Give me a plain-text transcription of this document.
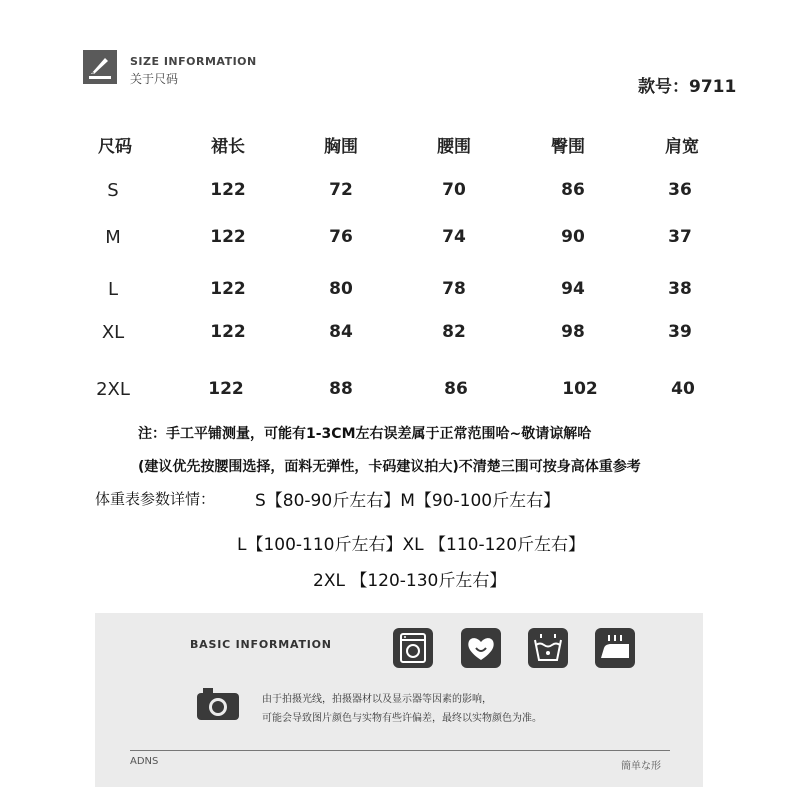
SIZE INFORMATION
关于尺码	款号：9711
尺码	裙长	胸围	腰围	臀围	肩宽
S	122	72	70	86	36
M	122	76	74	90	37
L	122	80	78	94	38
XL	122	84	82	98	39
2XL	122	88	86	102	40
注：手工平铺测量，可能有1-3CM左右误差属于正常范围哈~敬请谅解哈
(建议优先按腰围选择，面料无弹性，卡码建议拍大)不清楚三围可按身高体重参考
体重表参数详情： S【80-90斤左右】M【90-100斤左右】
L【100-110斤左右】XL 【110-120斤左右】
2XL 【120-130斤左右】
BASIC INFORMATION
由于拍摄光线，拍摄器材以及显示器等因素的影响，
可能会导致图片颜色与实物有些许偏差，最终以实物颜色为准。
ADNS	簡单な形
